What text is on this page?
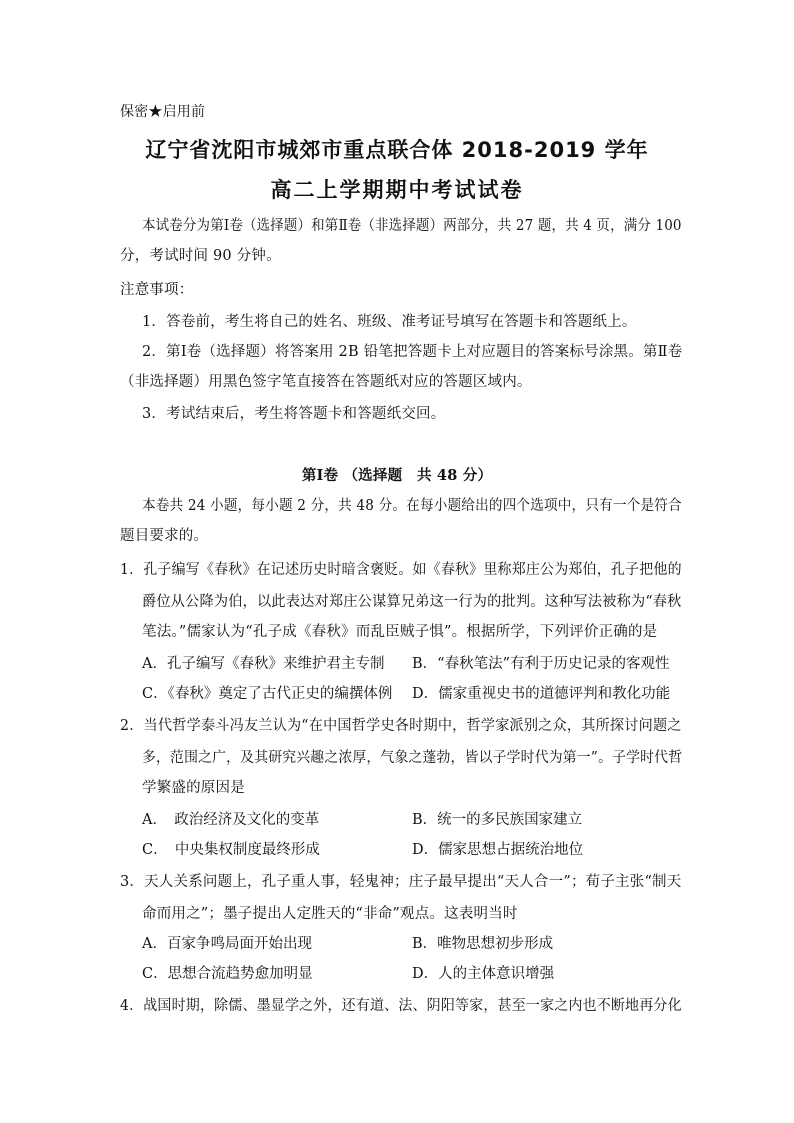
保密★启用前
辽宁省沈阳市城郊市重点联合体 2018-2019 学年
高二上学期期中考试试卷
本试卷分为第Ⅰ卷（选择题）和第Ⅱ卷（非选择题）两部分，共 27 题，共 4 页，满分 100
分，考试时间 90 分钟。
注意事项：
1．答卷前，考生将自己的姓名、班级、准考证号填写在答题卡和答题纸上。
2．第Ⅰ卷（选择题）将答案用 2B 铅笔把答题卡上对应题目的答案标号涂黑。第Ⅱ卷
（非选择题）用黑色签字笔直接答在答题纸对应的答题区域内。
3．考试结束后，考生将答题卡和答题纸交回。
第Ⅰ卷 （选择题　共 48 分）
本卷共 24 小题，每小题 2 分，共 48 分。在每小题给出的四个选项中，只有一个是符合
题目要求的。
1．孔子编写《春秋》在记述历史时暗含褒贬。如《春秋》里称郑庄公为郑伯，孔子把他的
爵位从公降为伯，以此表达对郑庄公谋算兄弟这一行为的批判。这种写法被称为“春秋
笔法。”儒家认为“孔子成《春秋》而乱臣贼子惧”。根据所学，下列评价正确的是
A．孔子编写《春秋》来维护君主专制 B．“春秋笔法”有利于历史记录的客观性
C．《春秋》奠定了古代正史的编撰体例 D．儒家重视史书的道德评判和教化功能
2．当代哲学泰斗冯友兰认为“在中国哲学史各时期中，哲学家派别之众，其所探讨问题之
多，范围之广，及其研究兴趣之浓厚，气象之蓬勃，皆以子学时代为第一”。子学时代哲
学繁盛的原因是
A．　政治经济及文化的变革	B．统一的多民族国家建立
C．　中央集权制度最终形成	D．儒家思想占据统治地位
3．天人关系问题上，孔子重人事，轻鬼神；庄子最早提出“天人合一”；荀子主张“制天
命而用之”；墨子提出人定胜天的“非命”观点。这表明当时
A．百家争鸣局面开始出现	B．唯物思想初步形成
C．思想合流趋势愈加明显	D．人的主体意识增强
4．战国时期，除儒、墨显学之外，还有道、法、阴阳等家，甚至一家之内也不断地再分化
